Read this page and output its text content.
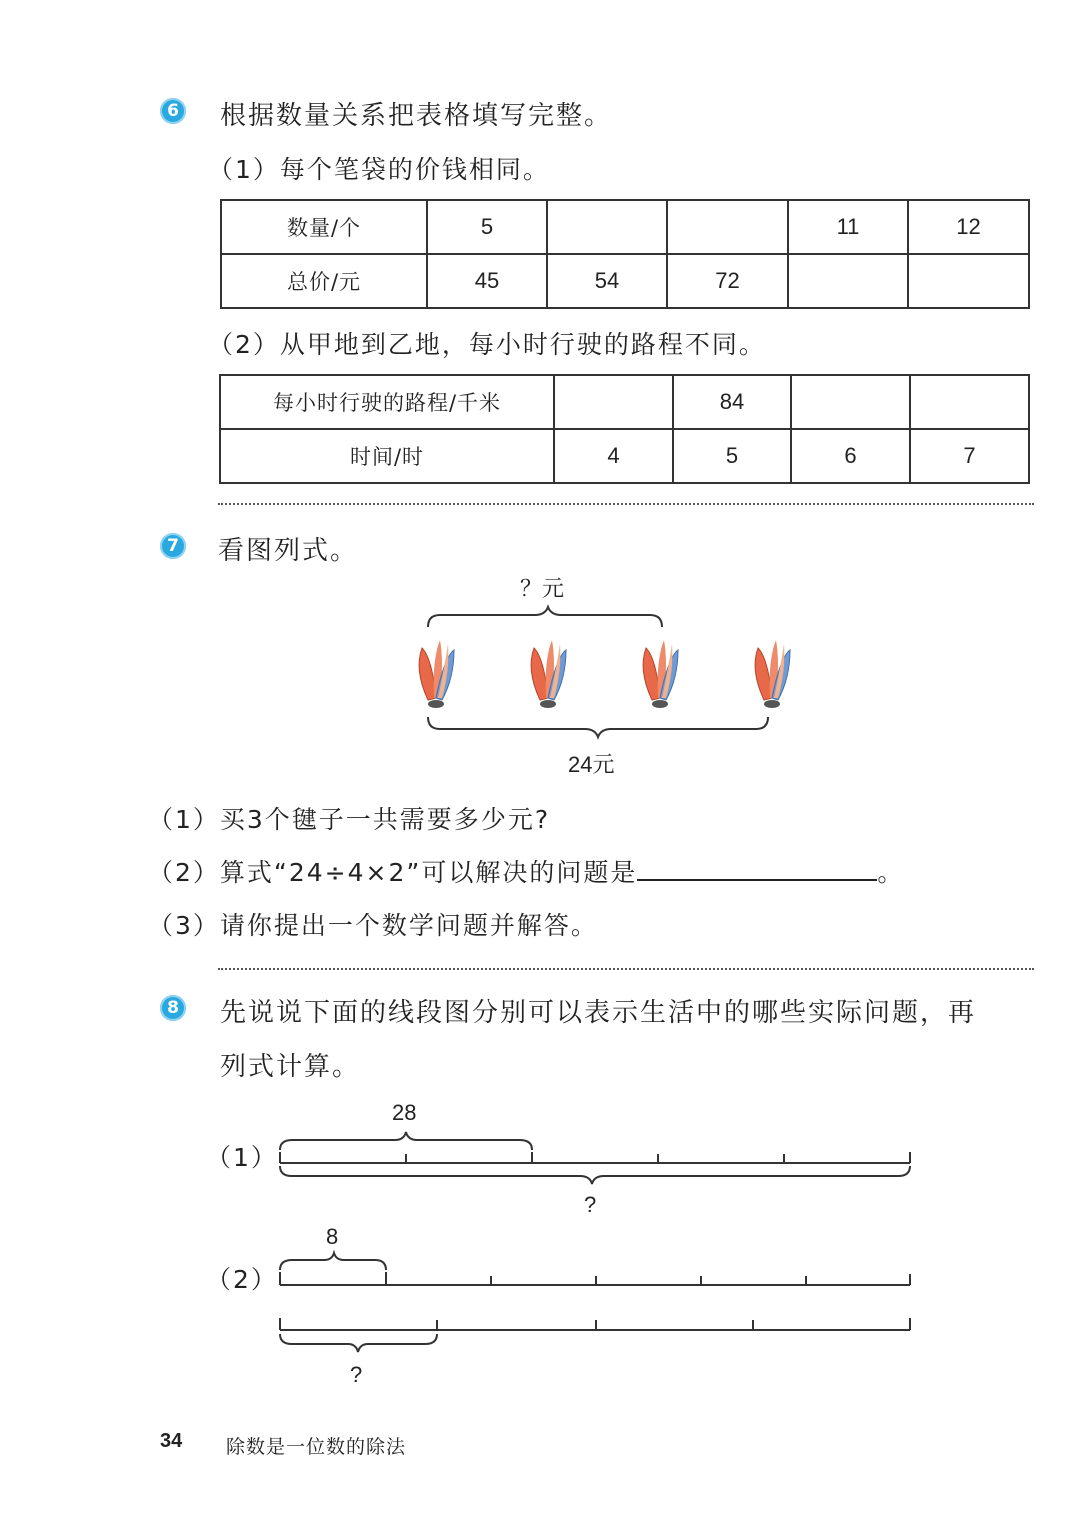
6 根据数量关系把表格填写完整。
（1）每个笔袋的价钱相同。
数量/个	5			11	12
总价/元	45	54	72		
（2）从甲地到乙地，每小时行驶的路程不同。
每小时行驶的路程/千米		84		
时间/时	4	5	6	7
7 看图列式。
？元
24元
（1）买3个毽子一共需要多少元?
（2）算式“24÷4×2”可以解决的问题是	。
（3）请你提出一个数学问题并解答。
8 先说说下面的线段图分别可以表示生活中的哪些实际问题，再
列式计算。
（1）
28
?
（2）
8
?
34 除数是一位数的除法
